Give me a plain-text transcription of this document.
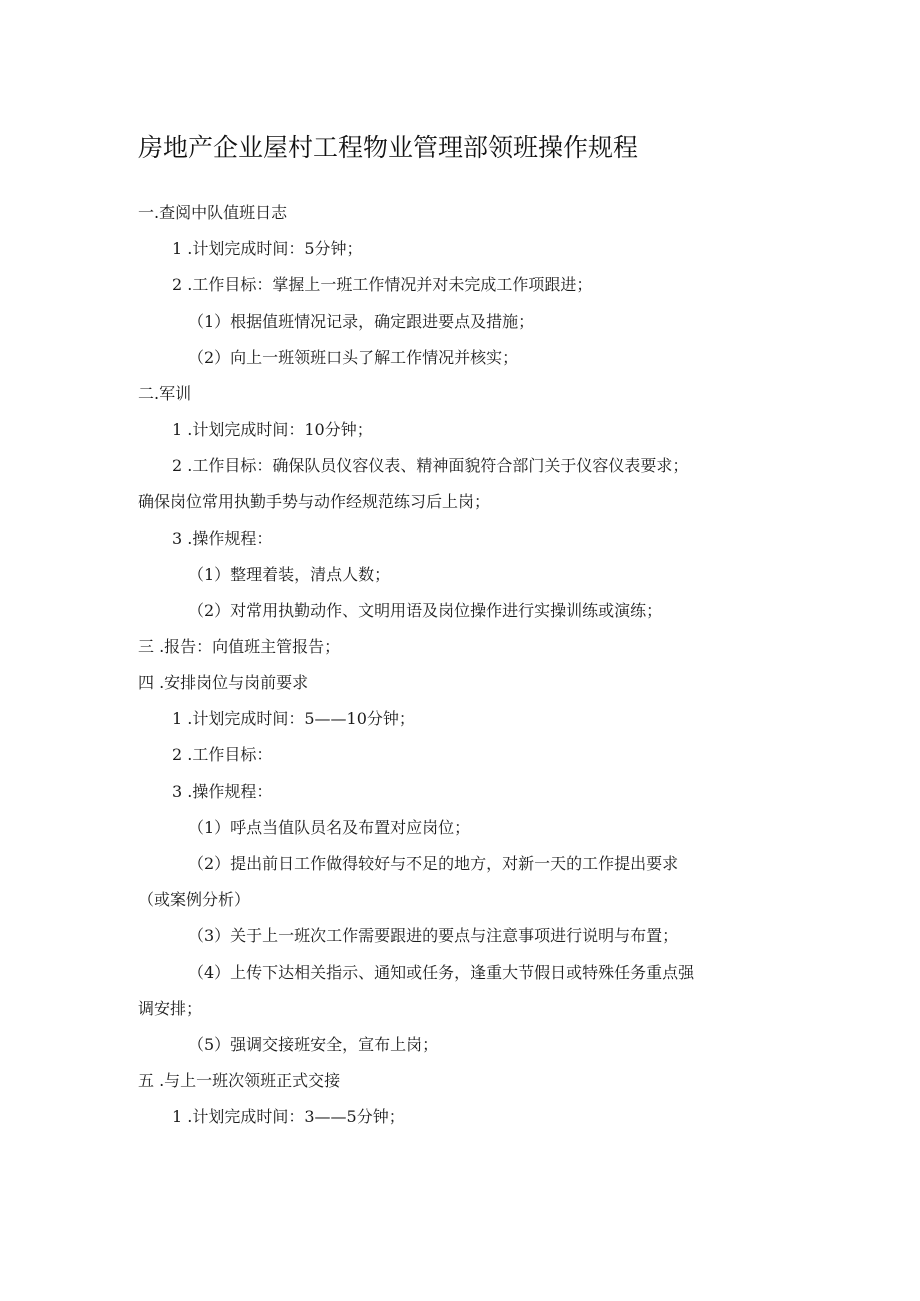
房地产企业屋村工程物业管理部领班操作规程
一.查阅中队值班日志
1 .计划完成时间：5分钟；
2 .工作目标：掌握上一班工作情况并对未完成工作项跟进；
（1）根据值班情况记录，确定跟进要点及措施；
（2）向上一班领班口头了解工作情况并核实；
二.军训
1 .计划完成时间：10分钟；
2 .工作目标：确保队员仪容仪表、精神面貌符合部门关于仪容仪表要求；
确保岗位常用执勤手势与动作经规范练习后上岗；
3 .操作规程：
（1）整理着装，清点人数；
（2）对常用执勤动作、文明用语及岗位操作进行实操训练或演练；
三 .报告：向值班主管报告；
四 .安排岗位与岗前要求
1 .计划完成时间：5——10分钟；
2 .工作目标：
3 .操作规程：
（1）呼点当值队员名及布置对应岗位；
（2）提出前日工作做得较好与不足的地方，对新一天的工作提出要求
（或案例分析）
（3）关于上一班次工作需要跟进的要点与注意事项进行说明与布置；
（4）上传下达相关指示、通知或任务，逢重大节假日或特殊任务重点强
调安排；
（5）强调交接班安全，宣布上岗；
五 .与上一班次领班正式交接
1 .计划完成时间：3——5分钟；
